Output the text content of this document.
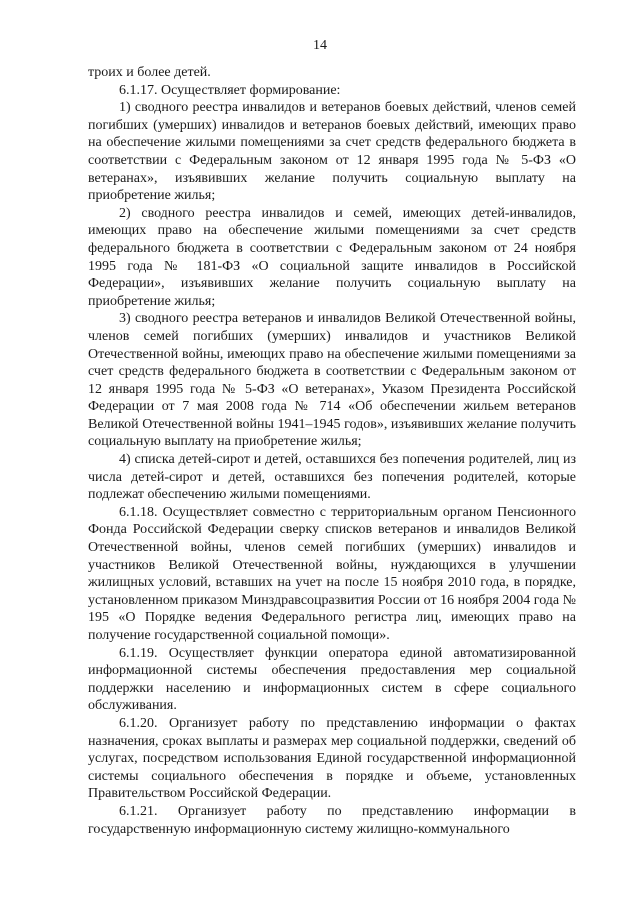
14

троих и более детей.

6.1.17. Осуществляет формирование:

1) сводного реестра инвалидов и ветеранов боевых действий, членов семей погибших (умерших) инвалидов и ветеранов боевых действий, имеющих право на обеспечение жилыми помещениями за счет средств федерального бюджета в соответствии с Федеральным законом от 12 января 1995 года № 5-ФЗ «О ветеранах», изъявивших желание получить социальную выплату на приобретение жилья;

2) сводного реестра инвалидов и семей, имеющих детей-инвалидов, имеющих право на обеспечение жилыми помещениями за счет средств федерального бюджета в соответствии с Федеральным законом от 24 ноября 1995 года № 181-ФЗ «О социальной защите инвалидов в Российской Федерации», изъявивших желание получить социальную выплату на приобретение жилья;

3) сводного реестра ветеранов и инвалидов Великой Отечественной войны, членов семей погибших (умерших) инвалидов и участников Великой Отечественной войны, имеющих право на обеспечение жилыми помещениями за счет средств федерального бюджета в соответствии с Федеральным законом от 12 января 1995 года № 5-ФЗ «О ветеранах», Указом Президента Российской Федерации от 7 мая 2008 года № 714 «Об обеспечении жильем ветеранов Великой Отечественной войны 1941–1945 годов», изъявивших желание получить социальную выплату на приобретение жилья;

4) списка детей-сирот и детей, оставшихся без попечения родителей, лиц из числа детей-сирот и детей, оставшихся без попечения родителей, которые подлежат обеспечению жилыми помещениями.

6.1.18. Осуществляет совместно с территориальным органом Пенсионного Фонда Российской Федерации сверку списков ветеранов и инвалидов Великой Отечественной войны, членов семей погибших (умерших) инвалидов и участников Великой Отечественной войны, нуждающихся в улучшении жилищных условий, вставших на учет на после 15 ноября 2010 года, в порядке, установленном приказом Минздравсоцразвития России от 16 ноября 2004 года № 195 «О Порядке ведения Федерального регистра лиц, имеющих право на получение государственной социальной помощи».

6.1.19. Осуществляет функции оператора единой автоматизированной информационной системы обеспечения предоставления мер социальной поддержки населению и информационных систем в сфере социального обслуживания.

6.1.20. Организует работу по представлению информации о фактах назначения, сроках выплаты и размерах мер социальной поддержки, сведений об услугах, посредством использования Единой государственной информационной системы социального обеспечения в порядке и объеме, установленных Правительством Российской Федерации.

6.1.21. Организует работу по представлению информации в государственную информационную систему жилищно-коммунального
